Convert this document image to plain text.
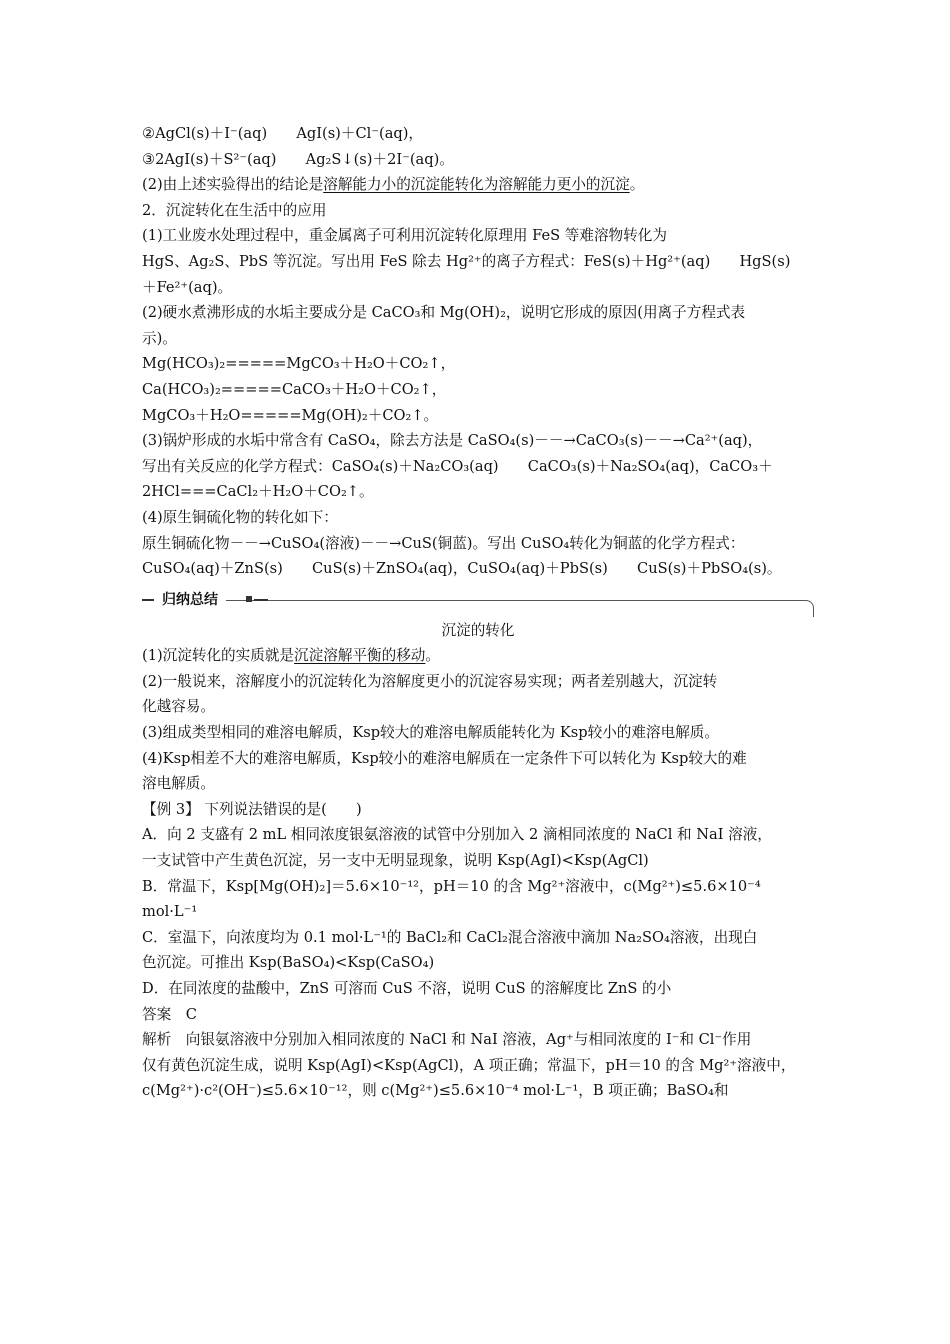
②AgCl(s)＋I⁻(aq)　　AgI(s)＋Cl⁻(aq)，
③2AgI(s)＋S²⁻(aq)　　Ag₂S↓(s)＋2I⁻(aq)。
(2)由上述实验得出的结论是溶解能力小的沉淀能转化为溶解能力更小的沉淀。
2．沉淀转化在生活中的应用
(1)工业废水处理过程中，重金属离子可利用沉淀转化原理用 FeS 等难溶物转化为
HgS、Ag₂S、PbS 等沉淀。写出用 FeS 除去 Hg²⁺的离子方程式：FeS(s)＋Hg²⁺(aq)　　HgS(s)
＋Fe²⁺(aq)。
(2)硬水煮沸形成的水垢主要成分是 CaCO₃和 Mg(OH)₂，说明它形成的原因(用离子方程式表
示)。
Mg(HCO₃)₂=====MgCO₃＋H₂O＋CO₂↑，
Ca(HCO₃)₂=====CaCO₃＋H₂O＋CO₂↑，
MgCO₃＋H₂O=====Mg(OH)₂＋CO₂↑。
(3)锅炉形成的水垢中常含有 CaSO₄，除去方法是 CaSO₄(s)－－→CaCO₃(s)－－→Ca²⁺(aq)，
写出有关反应的化学方程式：CaSO₄(s)＋Na₂CO₃(aq)　　CaCO₃(s)＋Na₂SO₄(aq)，CaCO₃＋
2HCl===CaCl₂＋H₂O＋CO₂↑。
(4)原生铜硫化物的转化如下：
原生铜硫化物－－→CuSO₄(溶液)－－→CuS(铜蓝)。写出 CuSO₄转化为铜蓝的化学方程式：
CuSO₄(aq)＋ZnS(s)　　CuS(s)＋ZnSO₄(aq)，CuSO₄(aq)＋PbS(s)　　CuS(s)＋PbSO₄(s)。
归纳总结
沉淀的转化
(1)沉淀转化的实质就是沉淀溶解平衡的移动。
(2)一般说来，溶解度小的沉淀转化为溶解度更小的沉淀容易实现；两者差别越大，沉淀转
化越容易。
(3)组成类型相同的难溶电解质，Ksp较大的难溶电解质能转化为 Ksp较小的难溶电解质。
(4)Ksp相差不大的难溶电解质，Ksp较小的难溶电解质在一定条件下可以转化为 Ksp较大的难
溶电解质。
【例 3】 下列说法错误的是(　　)
A．向 2 支盛有 2 mL 相同浓度银氨溶液的试管中分别加入 2 滴相同浓度的 NaCl 和 NaI 溶液，
一支试管中产生黄色沉淀，另一支中无明显现象，说明 Ksp(AgI)<Ksp(AgCl)
B．常温下，Ksp[Mg(OH)₂]＝5.6×10⁻¹²，pH＝10 的含 Mg²⁺溶液中，c(Mg²⁺)≤5.6×10⁻⁴
mol·L⁻¹
C．室温下，向浓度均为 0.1 mol·L⁻¹的 BaCl₂和 CaCl₂混合溶液中滴加 Na₂SO₄溶液，出现白
色沉淀。可推出 Ksp(BaSO₄)<Ksp(CaSO₄)
D．在同浓度的盐酸中，ZnS 可溶而 CuS 不溶，说明 CuS 的溶解度比 ZnS 的小
答案　C
解析　向银氨溶液中分别加入相同浓度的 NaCl 和 NaI 溶液，Ag⁺与相同浓度的 I⁻和 Cl⁻作用
仅有黄色沉淀生成，说明 Ksp(AgI)<Ksp(AgCl)，A 项正确；常温下，pH＝10 的含 Mg²⁺溶液中，
c(Mg²⁺)·c²(OH⁻)≤5.6×10⁻¹²，则 c(Mg²⁺)≤5.6×10⁻⁴ mol·L⁻¹，B 项正确；BaSO₄和
